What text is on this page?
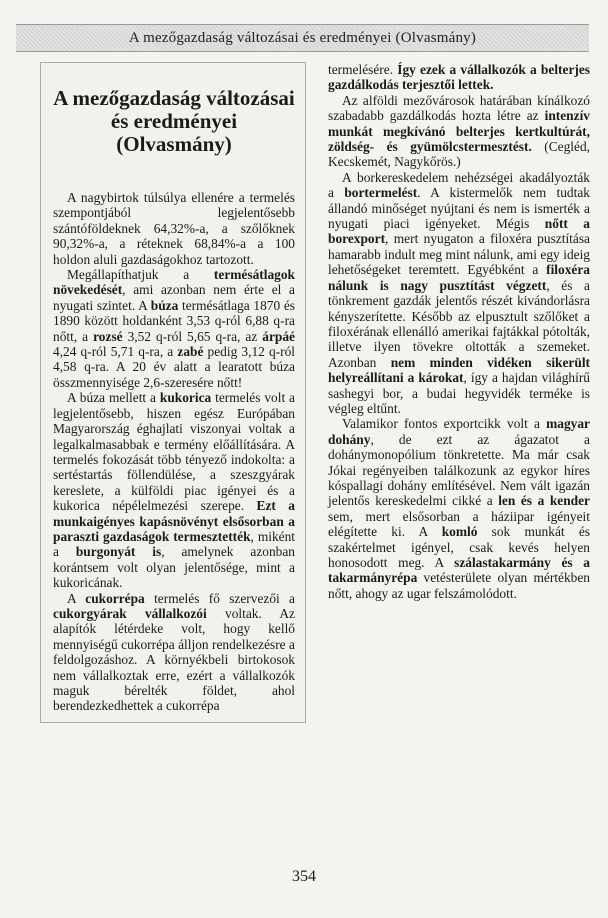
A mezőgazdaság változásai és eredményei (Olvasmány)
A mezőgazdaság változásai
és eredményei
(Olvasmány)

A nagybirtok túlsúlya ellenére a termelés szempontjából legjelentősebb szántóföldeknek 64,32%-a, a szőlőknek 90,32%-a, a réteknek 68,84%-a a 100 holdon aluli gazdaságokhoz tartozott.

Megállapíthatjuk a termésátlagok növekedését, ami azonban nem érte el a nyugati szintet. A búza termésátlaga 1870 és 1890 között holdanként 3,53 q-ról 6,88 q-ra nőtt, a rozsé 3,52 q-ról 5,65 q-ra, az árpáé 4,24 q-ról 5,71 q-ra, a zabé pedig 3,12 q-ról 4,58 q-ra. A 20 év alatt a learatott búza összmennyisége 2,6-szeresére nőtt!

A búza mellett a kukorica termelés volt a legjelentősebb, hiszen egész Európában Magyarország éghajlati viszonyai voltak a legalkalmasabbak e termény előállítására. A termelés fokozását több tényező indokolta: a sertéstartás föllendülése, a szeszgyárak kereslete, a külföldi piac igényei és a kukorica népélelmezési szerepe. Ezt a munkaigényes kapásnövényt elsősorban a paraszti gazdaságok termesztették, miként a burgonyát is, amelynek azonban korántsem volt olyan jelentősége, mint a kukoricának.

A cukorrépa termelés fő szervezői a cukorgyárak vállalkozói voltak. Az alapítók létérdeke volt, hogy kellő mennyiségű cukorrépa álljon rendelkezésre a feldolgozáshoz. A környékbeli birtokosok nem vállalkoztak erre, ezért a vállalkozók maguk bérelték földet, ahol berendezkedhettek a cukorrépa

termelésére. Így ezek a vállalkozók a belterjes gazdálkodás terjesztői lettek.

Az alföldi mezővárosok határában kínálkozó szabadabb gazdálkodás hozta létre az intenzív munkát megkívánó belterjes kertkultúrát, zöldség- és gyümölcstermesztést. (Cegléd, Kecskemét, Nagykőrös.)

A borkereskedelem nehézségei akadályozták a bortermelést. A kistermelők nem tudtak állandó minőséget nyújtani és nem is ismerték a nyugati piaci igényeket. Mégis nőtt a borexport, mert nyugaton a filoxéra pusztítása hamarabb indult meg mint nálunk, ami egy ideig lehetőségeket teremtett. Egyébként a filoxéra nálunk is nagy pusztítást végzett, és a tönkrement gazdák jelentős részét kivándorlásra kényszerítette. Később az elpusztult szőlőket a filoxérának ellenálló amerikai fajtákkal pótolták, illetve ilyen tövekre oltották a szemeket. Azonban nem minden vidéken sikerült helyreállítani a károkat, így a hajdan világhírű sashegyi bor, a budai hegyvidék terméke is végleg eltűnt.

Valamikor fontos exportcikk volt a magyar dohány, de ezt az ágazatot a dohánymonopólium tönkretette. Ma már csak Jókai regényeiben találkozunk az egykor híres kóspallagi dohány említésével. Nem vált igazán jelentős kereskedelmi cikké a len és a kender sem, mert elsősorban a háziipar igényeit elégítette ki. A komló sok munkát és szakértelmet igényel, csak kevés helyen honosodott meg. A szálastakarmány és a takarmányrépa vetésterülete olyan mértékben nőtt, ahogy az ugar felszámolódott.

354
